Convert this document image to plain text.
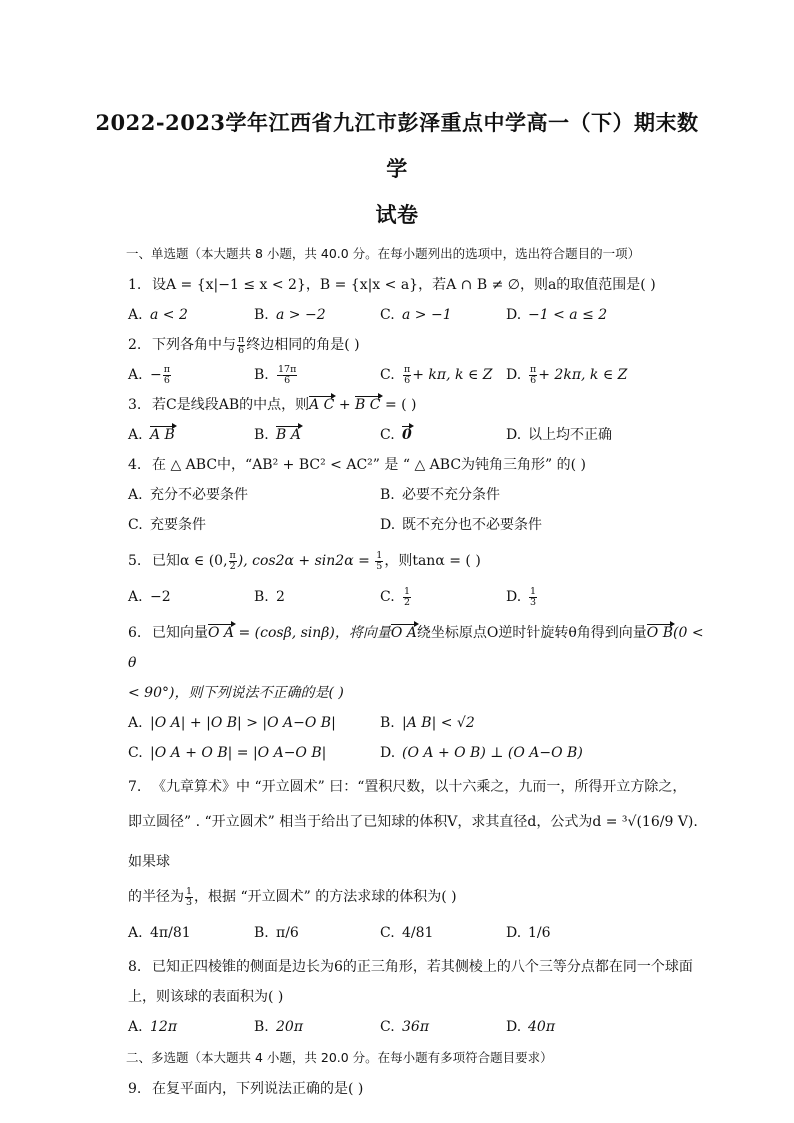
2022-2023学年江西省九江市彭泽重点中学高一（下）期末数学
试卷
一、单选题（本大题共 8 小题，共 40.0 分。在每小题列出的选项中，选出符合题目的一项）
1. 设A = {x|−1 ≤ x < 2}，B = {x|x < a}，若A ∩ B ≠ ∅，则a的取值范围是( )
A. a < 2	B. a > −2	C. a > −1	D. −1 < a ≤ 2
2. 下列各角中与 $\frac{\pi}{6}$ 终边相同的角是( )
A. − $\frac{\pi}{6}$	B. $\frac{17\pi}{6}$	C. $\frac{\pi}{6} + k\pi$, k ∈ Z D. $\frac{\pi}{6} + 2k\pi$, k ∈ Z
3. 若C是线段AB的中点，则A C + B C = ( )
A. A B	B. B A	C. 0	D. 以上均不正确
4. 在 △ ABC中，“AB² + BC² < AC²” 是 “ △ ABC为钝角三角形” 的( )
A. 充分不必要条件	B. 必要不充分条件
C. 充要条件	D. 既不充分也不必要条件
5. 已知α ∈ (0, $\frac{\pi}{2}$ ), $\cos 2\alpha + \sin 2\alpha = \frac{1}{5}$ ，则tanα = ( )
A. −2	B. 2	C. $\frac{1}{2}$	D. $\frac{1}{3}$
6. 已知向量O A = (cosβ, sinβ)，将向量O A绕坐标原点O逆时针旋转θ角得到向量O B(0 < θ
< 90°)，则下列说法不正确的是( )
A. |O A| + |O B| > |O A−O B|	B. |A B| < √2
C. |O A + O B| = |O A−O B|	D. (O A + O B) ⊥ (O A−O B)
7. 《九章算术》中 “开立圆术” 曰：“置积尺数，以十六乘之，九而一，所得开立方除之，
即立圆径” . “开立圆术” 相当于给出了已知球的体积V，求其直径d，公式为d = ³√(16/9 V).如果球
的半径为 $\frac{1}{3}$ ，根据 “开立圆术” 的方法求球的体积为( )
A. 4π/81	B. π/6	C. 4/81	D. 1/6
8. 已知正四棱锥的侧面是边长为6的正三角形，若其侧棱上的八个三等分点都在同一个球面
上，则该球的表面积为( )
A. 12π	B. 20π	C. 36π	D. 40π
二、多选题（本大题共 4 小题，共 20.0 分。在每小题有多项符合题目要求）
9. 在复平面内，下列说法正确的是( )
